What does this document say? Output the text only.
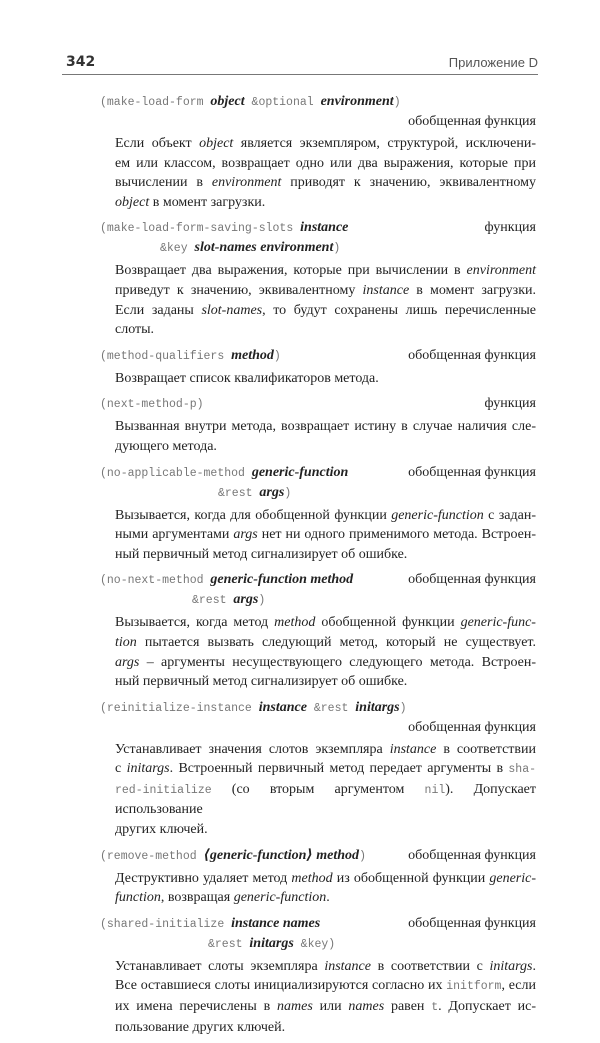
342	Приложение D
(make-load-form object &optional environment)
обобщенная функция
Если объект object является экземпляром, структурой, исключени-
ем или классом, возвращает одно или два выражения, которые при
вычислении в environment приводят к значению, эквивалентному
object в момент загрузки.
(make-load-form-saving-slots instance	функция
&key slot-names environment)
Возвращает два выражения, которые при вычислении в environment
приведут к значению, эквивалентному instance в момент загрузки.
Если заданы slot-names, то будут сохранены лишь перечисленные
слоты.
(method-qualifiers method)	обобщенная функция
Возвращает список квалификаторов метода.
(next-method-p)	функция
Вызванная внутри метода, возвращает истину в случае наличия сле-
дующего метода.
(no-applicable-method generic-function	обобщенная функция
&rest args)
Вызывается, когда для обобщенной функции generic-function с задан-
ными аргументами args нет ни одного применимого метода. Встроен-
ный первичный метод сигнализирует об ошибке.
(no-next-method generic-function method	обобщенная функция
&rest args)
Вызывается, когда метод method обобщенной функции generic-func-
tion пытается вызвать следующий метод, который не существует.
args – аргументы несуществующего следующего метода. Встроен-
ный первичный метод сигнализирует об ошибке.
(reinitialize-instance instance &rest initargs)
обобщенная функция
Устанавливает значения слотов экземпляра instance в соответствии
с initargs. Встроенный первичный метод передает аргументы в sha-
red-initialize (со вторым аргументом nil). Допускает использование
других ключей.
(remove-method ⟨generic-function⟩ method)	обобщенная функция
Деструктивно удаляет метод method из обобщенной функции generic-
function, возвращая generic-function.
(shared-initialize instance names	обобщенная функция
&rest initargs &key)
Устанавливает слоты экземпляра instance в соответствии с initargs.
Все оставшиеся слоты инициализируются согласно их initform, если
их имена перечислены в names или names равен t. Допускает ис-
пользование других ключей.
